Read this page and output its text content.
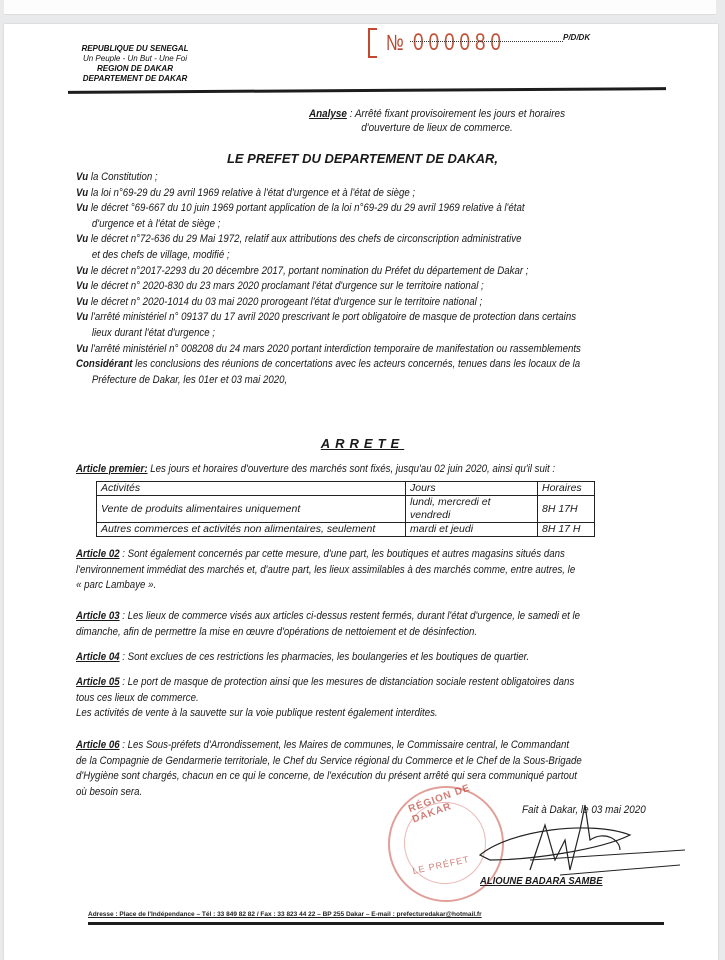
REPUBLIQUE DU SENEGAL
Un Peuple - Un But - Une Foi
REGION DE DAKAR
DEPARTEMENT DE DAKAR
№ 000080	P/D/DK
Analyse : Arrêté fixant provisoirement les jours et horaires d'ouverture de lieux de commerce.
LE PREFET DU DEPARTEMENT DE DAKAR,
Vu la Constitution ;
Vu la loi n°69-29 du 29 avril 1969 relative à l'état d'urgence et à l'état de siège ;
Vu le décret °69-667 du 10 juin 1969 portant application de la loi n°69-29 du 29 avril 1969 relative à l'état
d'urgence et à l'état de siège ;
Vu le décret n°72-636 du 29 Mai 1972, relatif aux attributions des chefs de circonscription administrative
et des chefs de village, modifié ;
Vu le décret n°2017-2293 du 20 décembre 2017, portant nomination du Préfet du département de Dakar ;
Vu le décret n° 2020-830 du 23 mars 2020 proclamant l'état d'urgence sur le territoire national ;
Vu le décret n° 2020-1014 du 03 mai 2020 prorogeant l'état d'urgence sur le territoire national ;
Vu l'arrêté ministériel n° 09137 du 17 avril 2020 prescrivant le port obligatoire de masque de protection dans certains
lieux durant l'état d'urgence ;
Vu l'arrêté ministériel n° 008208 du 24 mars 2020 portant interdiction temporaire de manifestation ou rassemblements
Considérant les conclusions des réunions de concertations avec les acteurs concernés, tenues dans les locaux de la
Préfecture de Dakar, les 01er et 03 mai 2020,
ARRETE
Article premier: Les jours et horaires d'ouverture des marchés sont fixés, jusqu'au 02 juin 2020, ainsi qu'il suit :
Activités	Jours	Horaires
Vente de produits alimentaires uniquement	lundi, mercredi et vendredi	8H 17H
Autres commerces et activités non alimentaires, seulement	mardi et jeudi	8H 17 H
Article 02 : Sont également concernés par cette mesure, d'une part, les boutiques et autres magasins situés dans
l'environnement immédiat des marchés et, d'autre part, les lieux assimilables à des marchés comme, entre autres, le
« parc Lambaye ».
Article 03 : Les lieux de commerce visés aux articles ci-dessus restent fermés, durant l'état d'urgence, le samedi et le
dimanche, afin de permettre la mise en œuvre d'opérations de nettoiement et de désinfection.
Article 04 : Sont exclues de ces restrictions les pharmacies, les boulangeries et les boutiques de quartier.
Article 05 : Le port de masque de protection ainsi que les mesures de distanciation sociale restent obligatoires dans
tous ces lieux de commerce.
Les activités de vente à la sauvette sur la voie publique restent également interdites.
Article 06 : Les Sous-préfets d'Arrondissement, les Maires de communes, le Commissaire central, le Commandant
de la Compagnie de Gendarmerie territoriale, le Chef du Service régional du Commerce et le Chef de la Sous-Brigade
d'Hygiène sont chargés, chacun en ce qui le concerne, de l'exécution du présent arrêté qui sera communiqué partout
où besoin sera.	RÉGION DE DAKAR
LE PRÉFET
Fait à Dakar, le 03 mai 2020
ALIOUNE BADARA SAMBE
Adresse : Place de l'Indépendance – Tél : 33 849 82 82 / Fax : 33 823 44 22 – BP 255 Dakar – E-mail : prefecturedakar@hotmail.fr
